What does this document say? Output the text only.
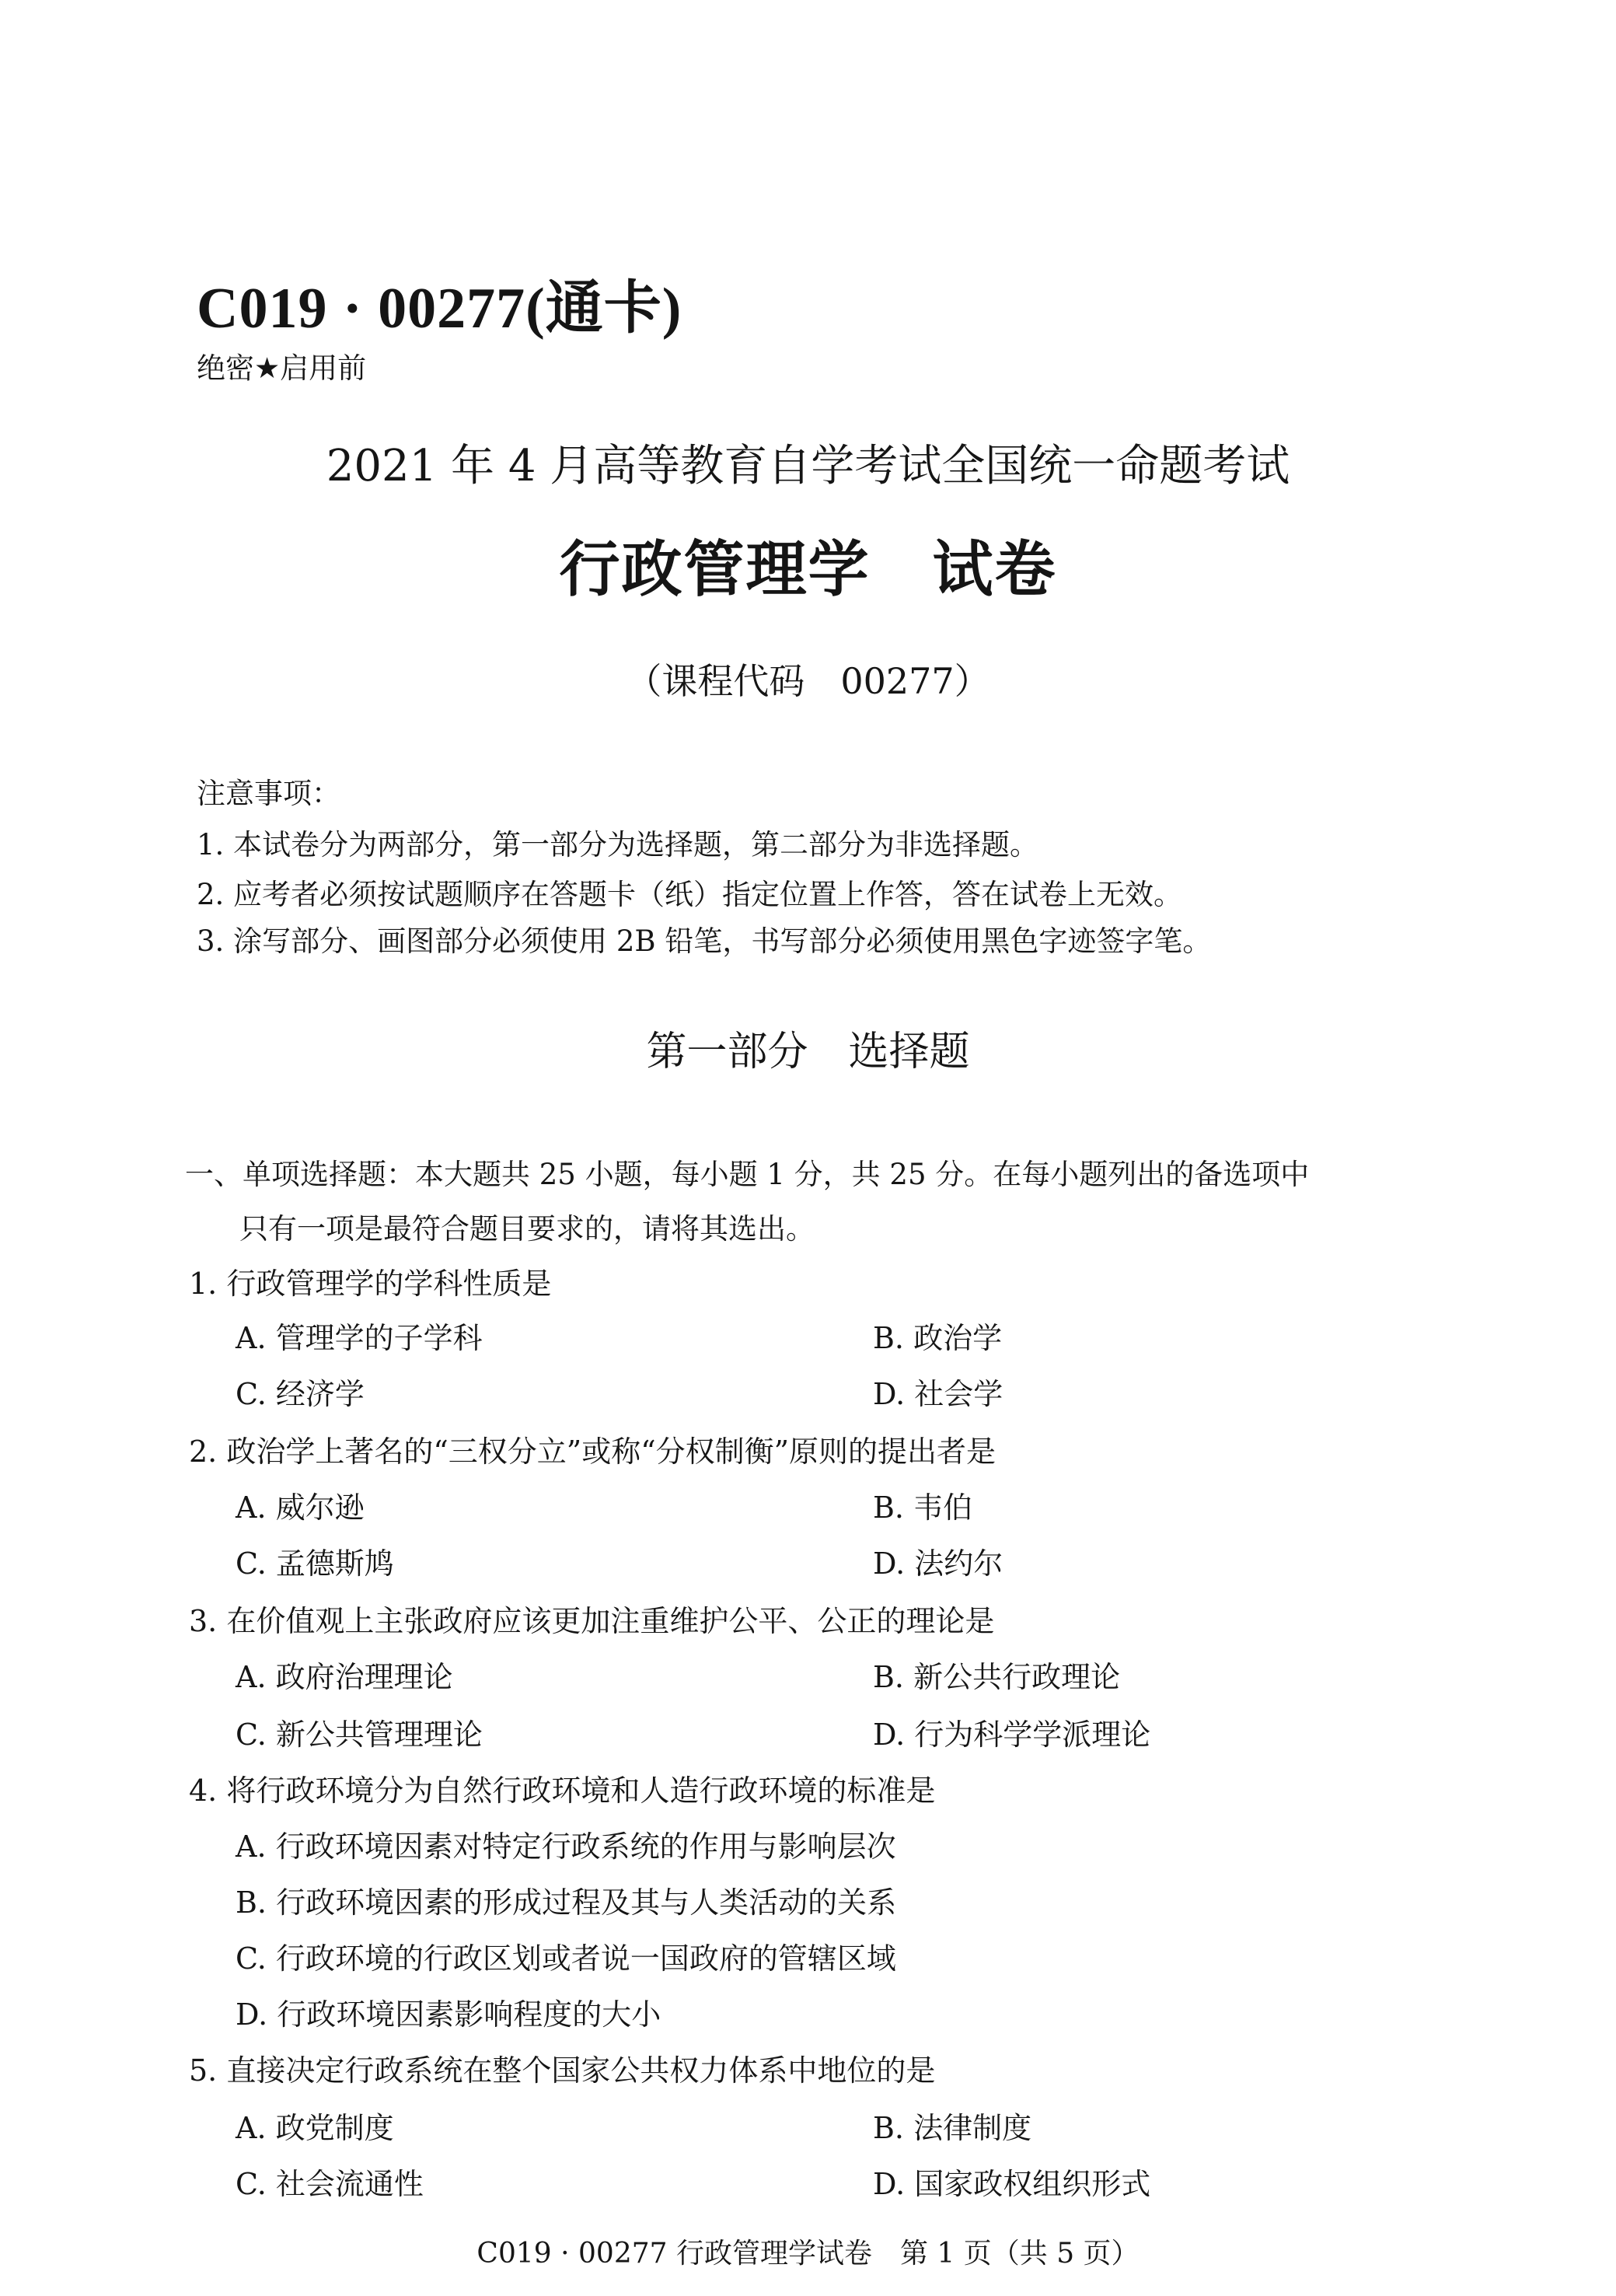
C019 · 00277(通卡)
绝密★启用前
2021 年 4 月高等教育自学考试全国统一命题考试
行政管理学　试卷
（课程代码　00277）
注意事项：
1. 本试卷分为两部分，第一部分为选择题，第二部分为非选择题。
2. 应考者必须按试题顺序在答题卡（纸）指定位置上作答，答在试卷上无效。
3. 涂写部分、画图部分必须使用 2B 铅笔，书写部分必须使用黑色字迹签字笔。
第一部分　选择题
一、单项选择题：本大题共 25 小题，每小题 1 分，共 25 分。在每小题列出的备选项中
只有一项是最符合题目要求的，请将其选出。
1. 行政管理学的学科性质是
A. 管理学的子学科	B. 政治学
C. 经济学	D. 社会学
2. 政治学上著名的“三权分立”或称“分权制衡”原则的提出者是
A. 威尔逊	B. 韦伯
C. 孟德斯鸠	D. 法约尔
3. 在价值观上主张政府应该更加注重维护公平、公正的理论是
A. 政府治理理论	B. 新公共行政理论
C. 新公共管理理论	D. 行为科学学派理论
4. 将行政环境分为自然行政环境和人造行政环境的标准是
A. 行政环境因素对特定行政系统的作用与影响层次
B. 行政环境因素的形成过程及其与人类活动的关系
C. 行政环境的行政区划或者说一国政府的管辖区域
D. 行政环境因素影响程度的大小
5. 直接决定行政系统在整个国家公共权力体系中地位的是
A. 政党制度	B. 法律制度
C. 社会流通性	D. 国家政权组织形式
C019 · 00277 行政管理学试卷　第 1 页（共 5 页）
